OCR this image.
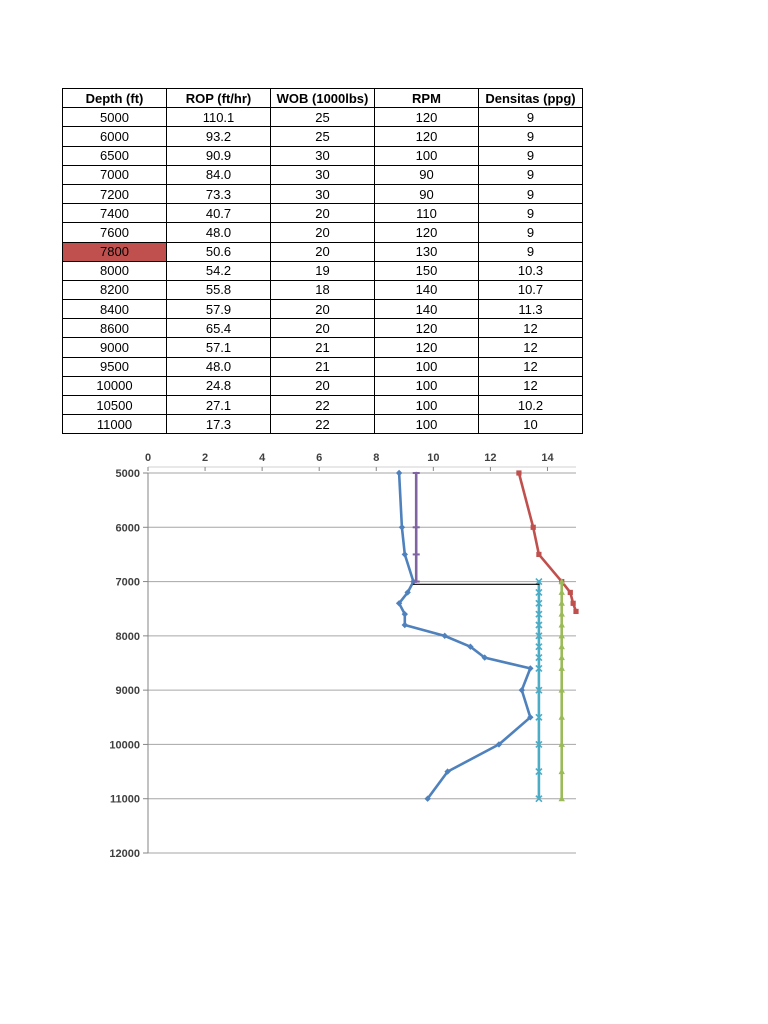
Depth (ft)	ROP (ft/hr)	WOB (1000lbs)	RPM	Densitas (ppg)
5000	110.1	25	120	9
6000	93.2	25	120	9
6500	90.9	30	100	9
7000	84.0	30	90	9
7200	73.3	30	90	9
7400	40.7	20	110	9
7600	48.0	20	120	9
7800	50.6	20	130	9
8000	54.2	19	150	10.3
8200	55.8	18	140	10.7
8400	57.9	20	140	11.3
8600	65.4	20	120	12
9000	57.1	21	120	12
9500	48.0	21	100	12
10000	24.8	20	100	12
10500	27.1	22	100	10.2
11000	17.3	22	100	10
5000
6000
7000
8000
9000
10000
11000
12000
0	2	4	6	8	10	12	14
